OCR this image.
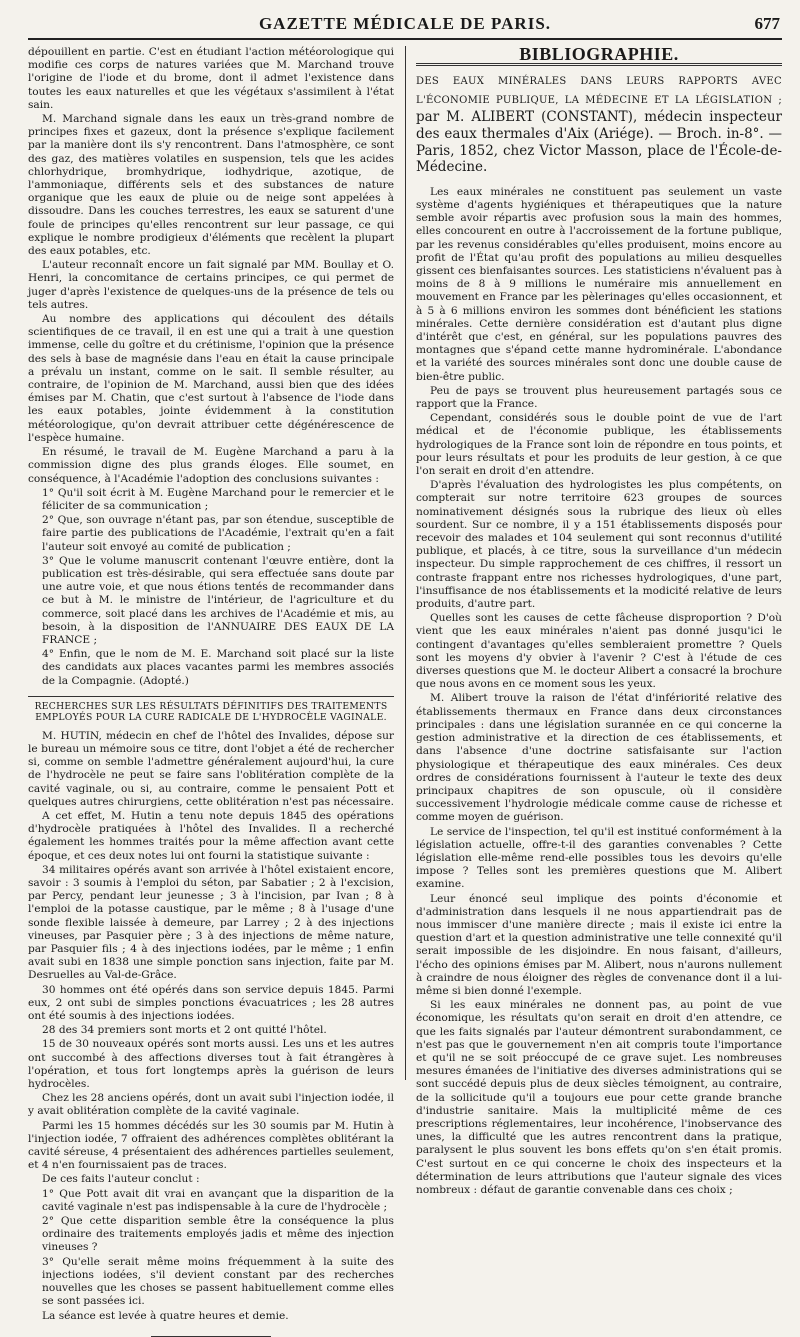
GAZETTE MÉDICALE DE PARIS.	677

dépouillent en partie. C'est en étudiant l'action météorologique qui modifie ces corps de natures variées que M. Marchand trouve l'origine de l'iode et du brome, dont il admet l'existence dans toutes les eaux naturelles et que les végétaux s'assimilent à l'état sain.

M. Marchand signale dans les eaux un très-grand nombre de principes fixes et gazeux, dont la présence s'explique facilement par la manière dont ils s'y rencontrent. Dans l'atmosphère, ce sont des gaz, des matières volatiles en suspension, tels que les acides chlorhydrique, bromhydrique, iodhydrique, azotique, de l'ammoniaque, différents sels et des substances de nature organique que les eaux de pluie ou de neige sont appelées à dissoudre. Dans les couches terrestres, les eaux se saturent d'une foule de principes qu'elles rencontrent sur leur passage, ce qui explique le nombre prodigieux d'éléments que recèlent la plupart des eaux potables, etc.

L'auteur reconnaît encore un fait signalé par MM. Boullay et O. Henri, la concomitance de certains principes, ce qui permet de juger d'après l'existence de quelques-uns de la présence de tels ou tels autres.

Au nombre des applications qui découlent des détails scientifiques de ce travail, il en est une qui a trait à une question immense, celle du goître et du crétinisme, l'opinion que la présence des sels à base de magnésie dans l'eau en était la cause principale a prévalu un instant, comme on le sait. Il semble résulter, au contraire, de l'opinion de M. Marchand, aussi bien que des idées émises par M. Chatin, que c'est surtout à l'absence de l'iode dans les eaux potables, jointe évidemment à la constitution météorologique, qu'on devrait attribuer cette dégénérescence de l'espèce humaine.

En résumé, le travail de M. Eugène Marchand a paru à la commission digne des plus grands éloges. Elle soumet, en conséquence, à l'Académie l'adoption des conclusions suivantes :

1° Qu'il soit écrit à M. Eugène Marchand pour le remercier et le féliciter de sa communication ;

2° Que, son ouvrage n'étant pas, par son étendue, susceptible de faire partie des publications de l'Académie, l'extrait qu'en a fait l'auteur soit envoyé au comité de publication ;

3° Que le volume manuscrit contenant l'œuvre entière, dont la publication est très-désirable, qui sera effectuée sans doute par une autre voie, et que nous étions tentés de recommander dans ce but à M. le ministre de l'intérieur, de l'agriculture et du commerce, soit placé dans les archives de l'Académie et mis, au besoin, à la disposition de l'ANNUAIRE DES EAUX DE LA FRANCE ;

4° Enfin, que le nom de M. E. Marchand soit placé sur la liste des candidats aux places vacantes parmi les membres associés de la Compagnie. (Adopté.)

RECHERCHES SUR LES RÉSULTATS DÉFINITIFS DES TRAITEMENTS EMPLOYÉS POUR LA CURE RADICALE DE L'HYDROCÈLE VAGINALE.

M. HUTIN, médecin en chef de l'hôtel des Invalides, dépose sur le bureau un mémoire sous ce titre, dont l'objet a été de rechercher si, comme on semble l'admettre généralement aujourd'hui, la cure de l'hydrocèle ne peut se faire sans l'oblitération complète de la cavité vaginale, ou si, au contraire, comme le pensaient Pott et quelques autres chirurgiens, cette oblitération n'est pas nécessaire.

A cet effet, M. Hutin a tenu note depuis 1845 des opérations d'hydrocèle pratiquées à l'hôtel des Invalides. Il a recherché également les hommes traités pour la même affection avant cette époque, et ces deux notes lui ont fourni la statistique suivante :

34 militaires opérés avant son arrivée à l'hôtel existaient encore, savoir : 3 soumis à l'emploi du séton, par Sabatier ; 2 à l'excision, par Percy, pendant leur jeunesse ; 3 à l'incision, par Ivan ; 8 à l'emploi de la potasse caustique, par le même ; 8 à l'usage d'une sonde flexible laissée à demeure, par Larrey ; 2 à des injections vineuses, par Pasquier père ; 3 à des injections de même nature, par Pasquier fils ; 4 à des injections iodées, par le même ; 1 enfin avait subi en 1838 une simple ponction sans injection, faite par M. Desruelles au Val-de-Grâce.

30 hommes ont été opérés dans son service depuis 1845. Parmi eux, 2 ont subi de simples ponctions évacuatrices ; les 28 autres ont été soumis à des injections iodées.

28 des 34 premiers sont morts et 2 ont quitté l'hôtel.

15 de 30 nouveaux opérés sont morts aussi. Les uns et les autres ont succombé à des affections diverses tout à fait étrangères à l'opération, et tous fort longtemps après la guérison de leurs hydrocèles.

Chez les 28 anciens opérés, dont un avait subi l'injection iodée, il y avait oblitération complète de la cavité vaginale.

Parmi les 15 hommes décédés sur les 30 soumis par M. Hutin à l'injection iodée, 7 offraient des adhérences complètes oblitérant la cavité séreuse, 4 présentaient des adhérences partielles seulement, et 4 n'en fournissaient pas de traces.

De ces faits l'auteur conclut :

1° Que Pott avait dit vrai en avançant que la disparition de la cavité vaginale n'est pas indispensable à la cure de l'hydrocèle ;

2° Que cette disparition semble être la conséquence la plus ordinaire des traitements employés jadis et même des injection vineuses ?

3° Qu'elle serait même moins fréquemment à la suite des injections iodées, s'il devient constant par des recherches nouvelles que les choses se passent habituellement comme elles se sont passées ici.

La séance est levée à quatre heures et demie.

BIBLIOGRAPHIE.
DES EAUX MINÉRALES DANS LEURS RAPPORTS AVEC L'ÉCONOMIE PUBLIQUE, LA MÉDECINE ET LA LÉGISLATION ; par M. ALIBERT (CONSTANT), médecin inspecteur des eaux thermales d'Aix (Ariége). — Broch. in-8°. — Paris, 1852, chez Victor Masson, place de l'École-de-Médecine.

Les eaux minérales ne constituent pas seulement un vaste système d'agents hygiéniques et thérapeutiques que la nature semble avoir répartis avec profusion sous la main des hommes, elles concourent en outre à l'accroissement de la fortune publique, par les revenus considérables qu'elles produisent, moins encore au profit de l'État qu'au profit des populations au milieu desquelles gissent ces bienfaisantes sources. Les statisticiens n'évaluent pas à moins de 8 à 9 millions le numéraire mis annuellement en mouvement en France par les pèlerinages qu'elles occasionnent, et à 5 à 6 millions environ les sommes dont bénéficient les stations minérales. Cette dernière considération est d'autant plus digne d'intérêt que c'est, en général, sur les populations pauvres des montagnes que s'épand cette manne hydrominérale. L'abondance et la variété des sources minérales sont donc une double cause de bien-être public.

Peu de pays se trouvent plus heureusement partagés sous ce rapport que la France.

Cependant, considérés sous le double point de vue de l'art médical et de l'économie publique, les établissements hydrologiques de la France sont loin de répondre en tous points, et pour leurs résultats et pour les produits de leur gestion, à ce que l'on serait en droit d'en attendre.

D'après l'évaluation des hydrologistes les plus compétents, on compterait sur notre territoire 623 groupes de sources nominativement désignés sous la rubrique des lieux où elles sourdent. Sur ce nombre, il y a 151 établissements disposés pour recevoir des malades et 104 seulement qui sont reconnus d'utilité publique, et placés, à ce titre, sous la surveillance d'un médecin inspecteur. Du simple rapprochement de ces chiffres, il ressort un contraste frappant entre nos richesses hydrologiques, d'une part, l'insuffisance de nos établissements et la modicité relative de leurs produits, d'autre part.

Quelles sont les causes de cette fâcheuse disproportion ? D'où vient que les eaux minérales n'aient pas donné jusqu'ici le contingent d'avantages qu'elles sembleraient promettre ? Quels sont les moyens d'y obvier à l'avenir ? C'est à l'étude de ces diverses questions que M. le docteur Alibert a consacré la brochure que nous avons en ce moment sous les yeux.

M. Alibert trouve la raison de l'état d'infériorité relative des établissements thermaux en France dans deux circonstances principales : dans une législation surannée en ce qui concerne la gestion administrative et la direction de ces établissements, et dans l'absence d'une doctrine satisfaisante sur l'action physiologique et thérapeutique des eaux minérales. Ces deux ordres de considérations fournissent à l'auteur le texte des deux principaux chapitres de son opuscule, où il considère successivement l'hydrologie médicale comme cause de richesse et comme moyen de guérison.

Le service de l'inspection, tel qu'il est institué conformément à la législation actuelle, offre-t-il des garanties convenables ? Cette législation elle-même rend-elle possibles tous les devoirs qu'elle impose ? Telles sont les premières questions que M. Alibert examine.

Leur énoncé seul implique des points d'économie et d'administration dans lesquels il ne nous appartiendrait pas de nous immiscer d'une manière directe ; mais il existe ici entre la question d'art et la question administrative une telle connexité qu'il serait impossible de les disjoindre. En nous faisant, d'ailleurs, l'écho des opinions émises par M. Alibert, nous n'aurons nullement à craindre de nous éloigner des règles de convenance dont il a lui-même si bien donné l'exemple.

Si les eaux minérales ne donnent pas, au point de vue économique, les résultats qu'on serait en droit d'en attendre, ce que les faits signalés par l'auteur démontrent surabondamment, ce n'est pas que le gouvernement n'en ait compris toute l'importance et qu'il ne se soit préoccupé de ce grave sujet. Les nombreuses mesures émanées de l'initiative des diverses administrations qui se sont succédé depuis plus de deux siècles témoignent, au contraire, de la sollicitude qu'il a toujours eue pour cette grande branche d'industrie sanitaire. Mais la multiplicité même de ces prescriptions réglementaires, leur incohérence, l'inobservance des unes, la difficulté que les autres rencontrent dans la pratique, paralysent le plus souvent les bons effets qu'on s'en était promis. C'est surtout en ce qui concerne le choix des inspecteurs et la détermination de leurs attributions que l'auteur signale des vices nombreux : défaut de garantie convenable dans ces choix ;
